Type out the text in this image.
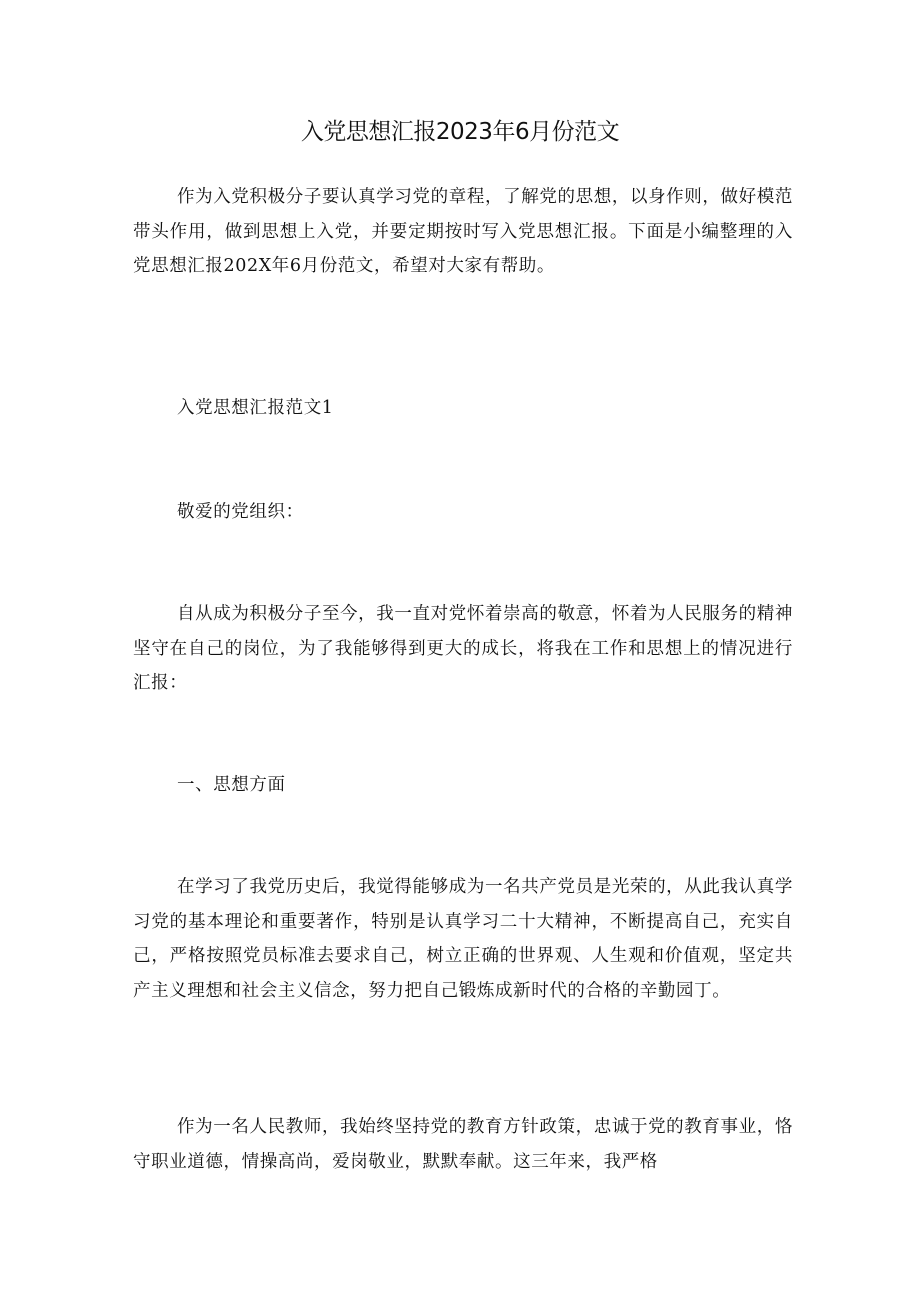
入党思想汇报2023年6月份范文

作为入党积极分子要认真学习党的章程，了解党的思想，以身作则，做好模范带头作用，做到思想上入党，并要定期按时写入党思想汇报。下面是小编整理的入党思想汇报202X年6月份范文，希望对大家有帮助。

入党思想汇报范文1

敬爱的党组织：

自从成为积极分子至今，我一直对党怀着崇高的敬意，怀着为人民服务的精神坚守在自己的岗位，为了我能够得到更大的成长，将我在工作和思想上的情况进行汇报：

一、思想方面

在学习了我党历史后，我觉得能够成为一名共产党员是光荣的，从此我认真学习党的基本理论和重要著作，特别是认真学习二十大精神，不断提高自己，充实自己，严格按照党员标准去要求自己，树立正确的世界观、人生观和价值观，坚定共产主义理想和社会主义信念，努力把自己锻炼成新时代的合格的辛勤园丁。

作为一名人民教师，我始终坚持党的教育方针政策，忠诚于党的教育事业，恪守职业道德，情操高尚，爱岗敬业，默默奉献。这三年来，我严格
